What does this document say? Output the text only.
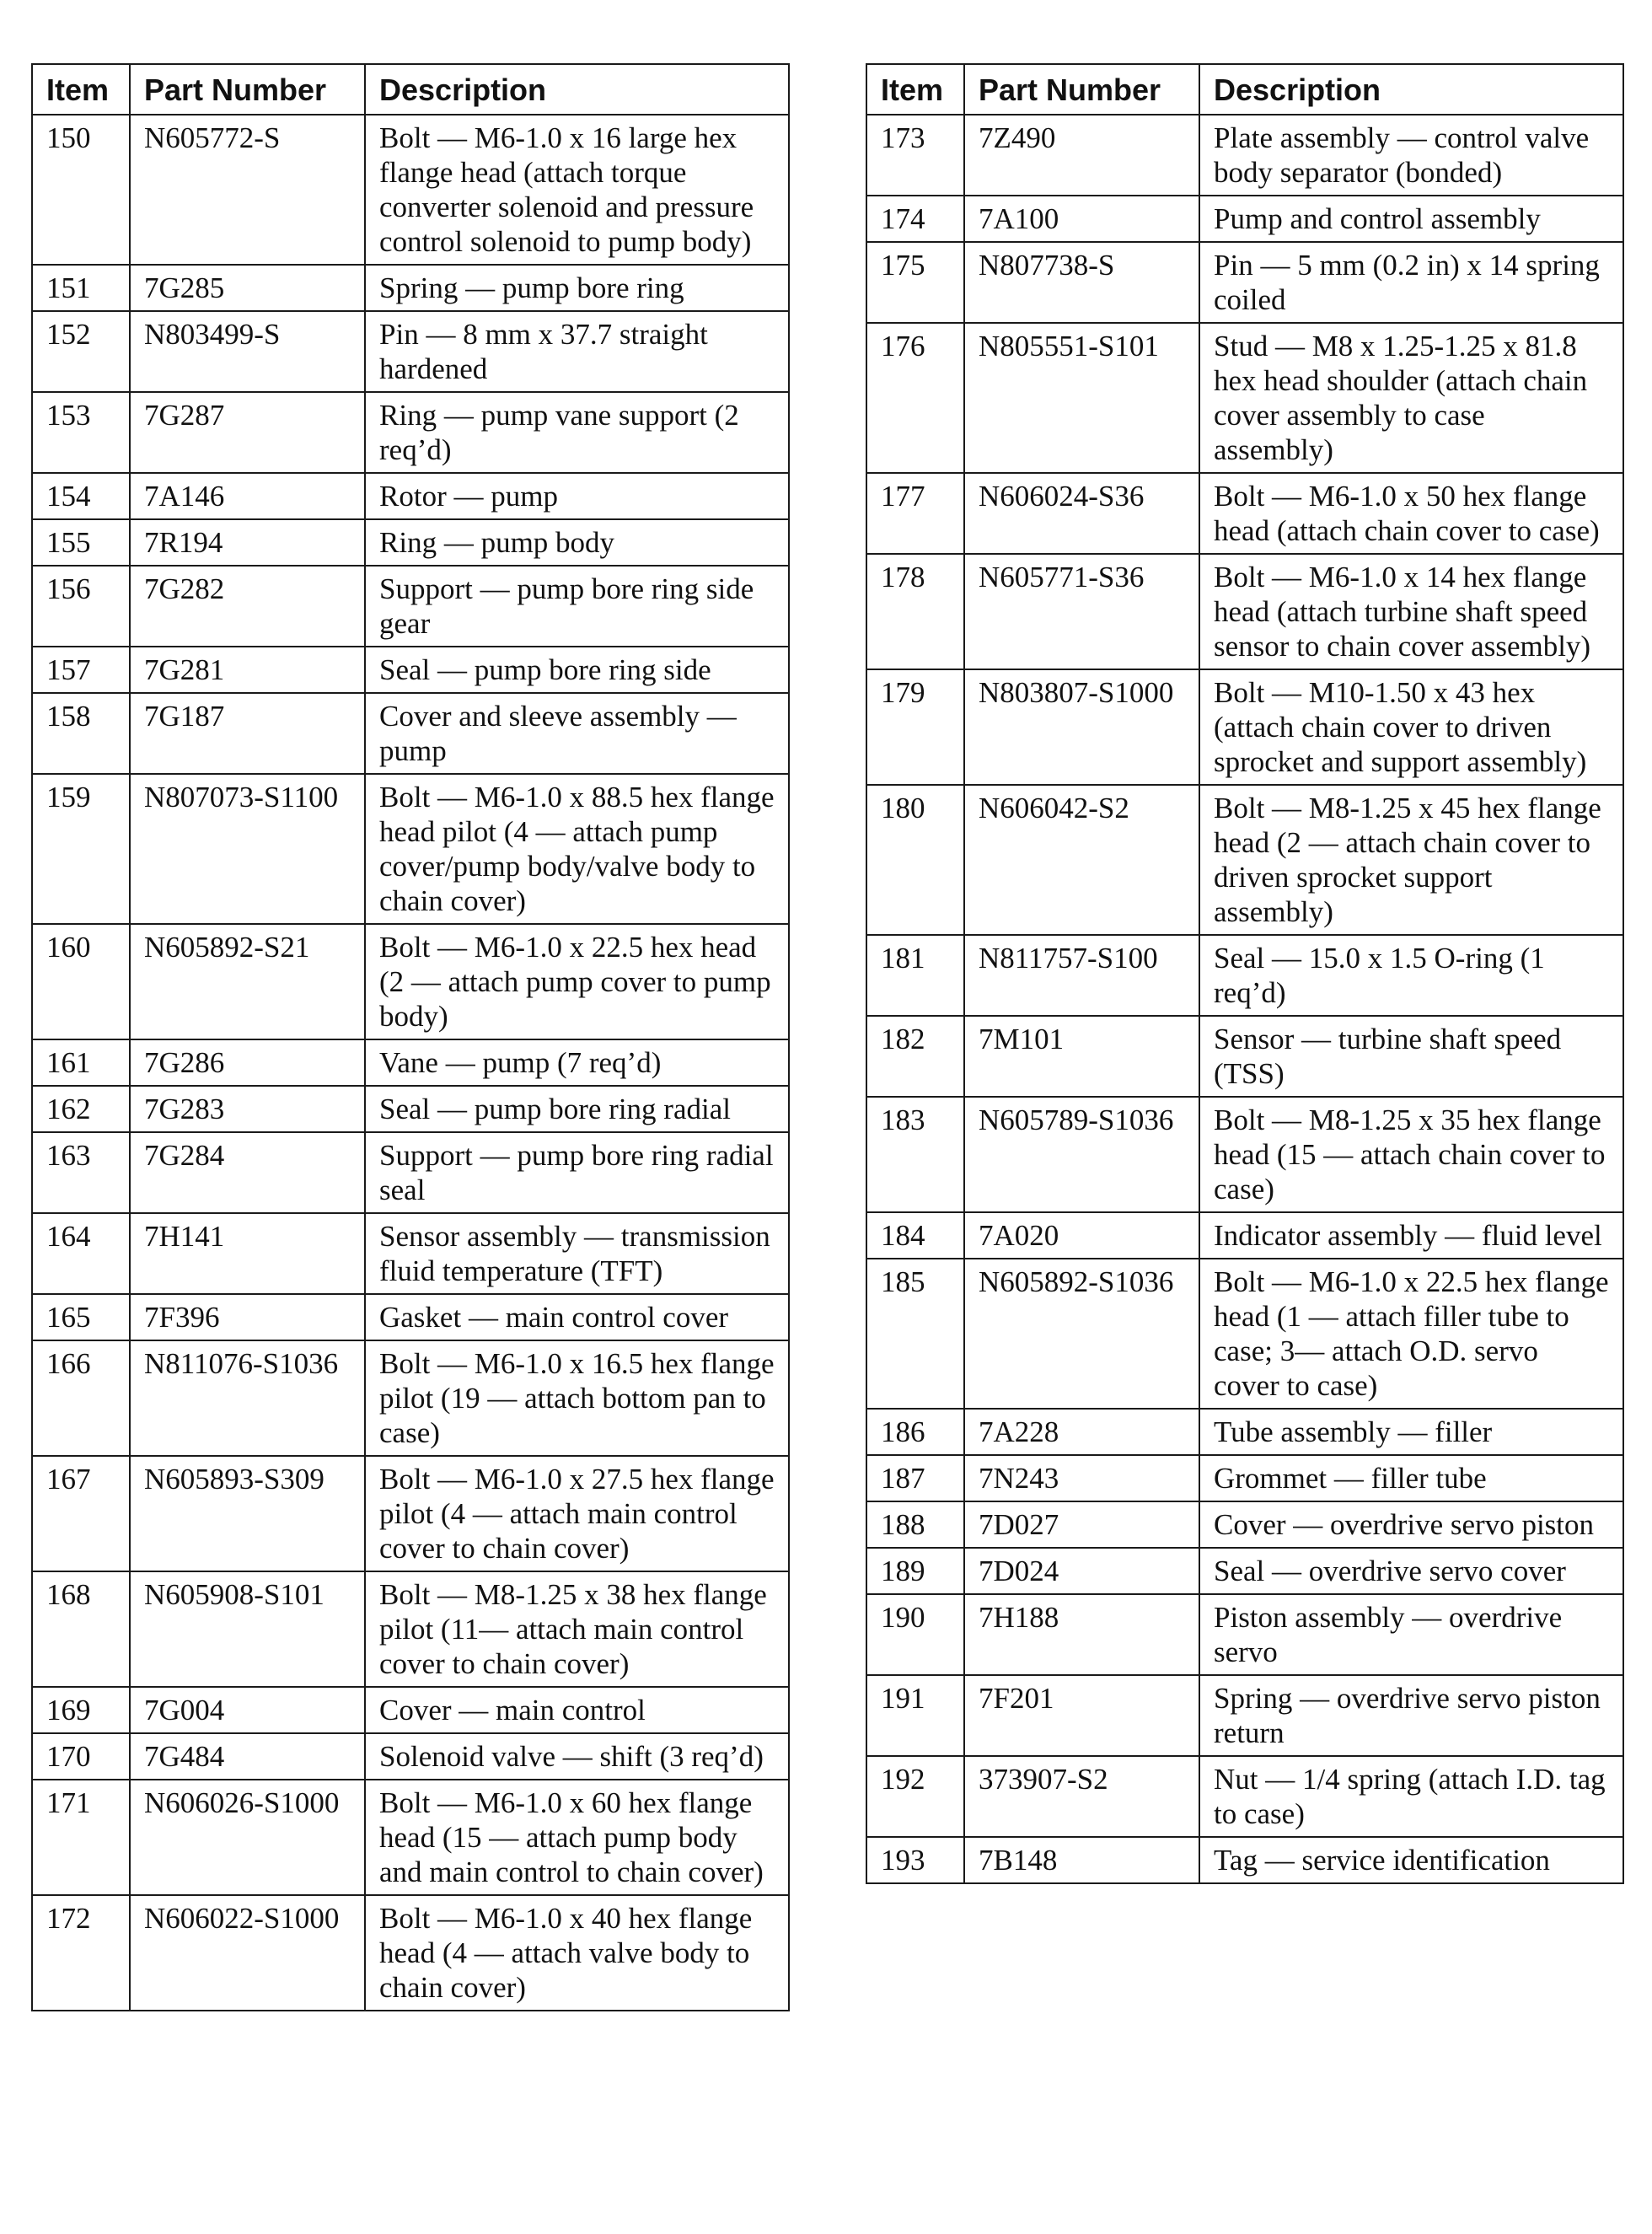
Item	Part Number	Description
150	N605772-S	Bolt — M6-1.0 x 16 large hex flange head (attach torque converter solenoid and pressure control solenoid to pump body)
151	7G285	Spring — pump bore ring
152	N803499-S	Pin — 8 mm x 37.7 straight hardened
153	7G287	Ring — pump vane support (2 req’d)
154	7A146	Rotor — pump
155	7R194	Ring — pump body
156	7G282	Support — pump bore ring side gear
157	7G281	Seal — pump bore ring side
158	7G187	Cover and sleeve assembly — pump
159	N807073-S1100	Bolt — M6-1.0 x 88.5 hex flange head pilot (4 — attach pump cover/pump body/valve body to chain cover)
160	N605892-S21	Bolt — M6-1.0 x 22.5 hex head (2 — attach pump cover to pump body)
161	7G286	Vane — pump (7 req’d)
162	7G283	Seal — pump bore ring radial
163	7G284	Support — pump bore ring radial seal
164	7H141	Sensor assembly — transmission fluid temperature (TFT)
165	7F396	Gasket — main control cover
166	N811076-S1036	Bolt — M6-1.0 x 16.5 hex flange pilot (19 — attach bottom pan to case)
167	N605893-S309	Bolt — M6-1.0 x 27.5 hex flange pilot (4 — attach main control cover to chain cover)
168	N605908-S101	Bolt — M8-1.25 x 38 hex flange pilot (11— attach main control cover to chain cover)
169	7G004	Cover — main control
170	7G484	Solenoid valve — shift (3 req’d)
171	N606026-S1000	Bolt — M6-1.0 x 60 hex flange head (15 — attach pump body and main control to chain cover)
172	N606022-S1000	Bolt — M6-1.0 x 40 hex flange head (4 — attach valve body to chain cover)
Item	Part Number	Description
173	7Z490	Plate assembly — control valve body separator (bonded)
174	7A100	Pump and control assembly
175	N807738-S	Pin — 5 mm (0.2 in) x 14 spring coiled
176	N805551-S101	Stud — M8 x 1.25-1.25 x 81.8 hex head shoulder (attach chain cover assembly to case assembly)
177	N606024-S36	Bolt — M6-1.0 x 50 hex flange head (attach chain cover to case)
178	N605771-S36	Bolt — M6-1.0 x 14 hex flange head (attach turbine shaft speed sensor to chain cover assembly)
179	N803807-S1000	Bolt — M10-1.50 x 43 hex (attach chain cover to driven sprocket and support assembly)
180	N606042-S2	Bolt — M8-1.25 x 45 hex flange head (2 — attach chain cover to driven sprocket support assembly)
181	N811757-S100	Seal — 15.0 x 1.5 O-ring (1 req’d)
182	7M101	Sensor — turbine shaft speed (TSS)
183	N605789-S1036	Bolt — M8-1.25 x 35 hex flange head (15 — attach chain cover to case)
184	7A020	Indicator assembly — fluid level
185	N605892-S1036	Bolt — M6-1.0 x 22.5 hex flange head (1 — attach filler tube to case; 3— attach O.D. servo cover to case)
186	7A228	Tube assembly — filler
187	7N243	Grommet — filler tube
188	7D027	Cover — overdrive servo piston
189	7D024	Seal — overdrive servo cover
190	7H188	Piston assembly — overdrive servo
191	7F201	Spring — overdrive servo piston return
192	373907-S2	Nut — 1/4 spring (attach I.D. tag to case)
193	7B148	Tag — service identification
